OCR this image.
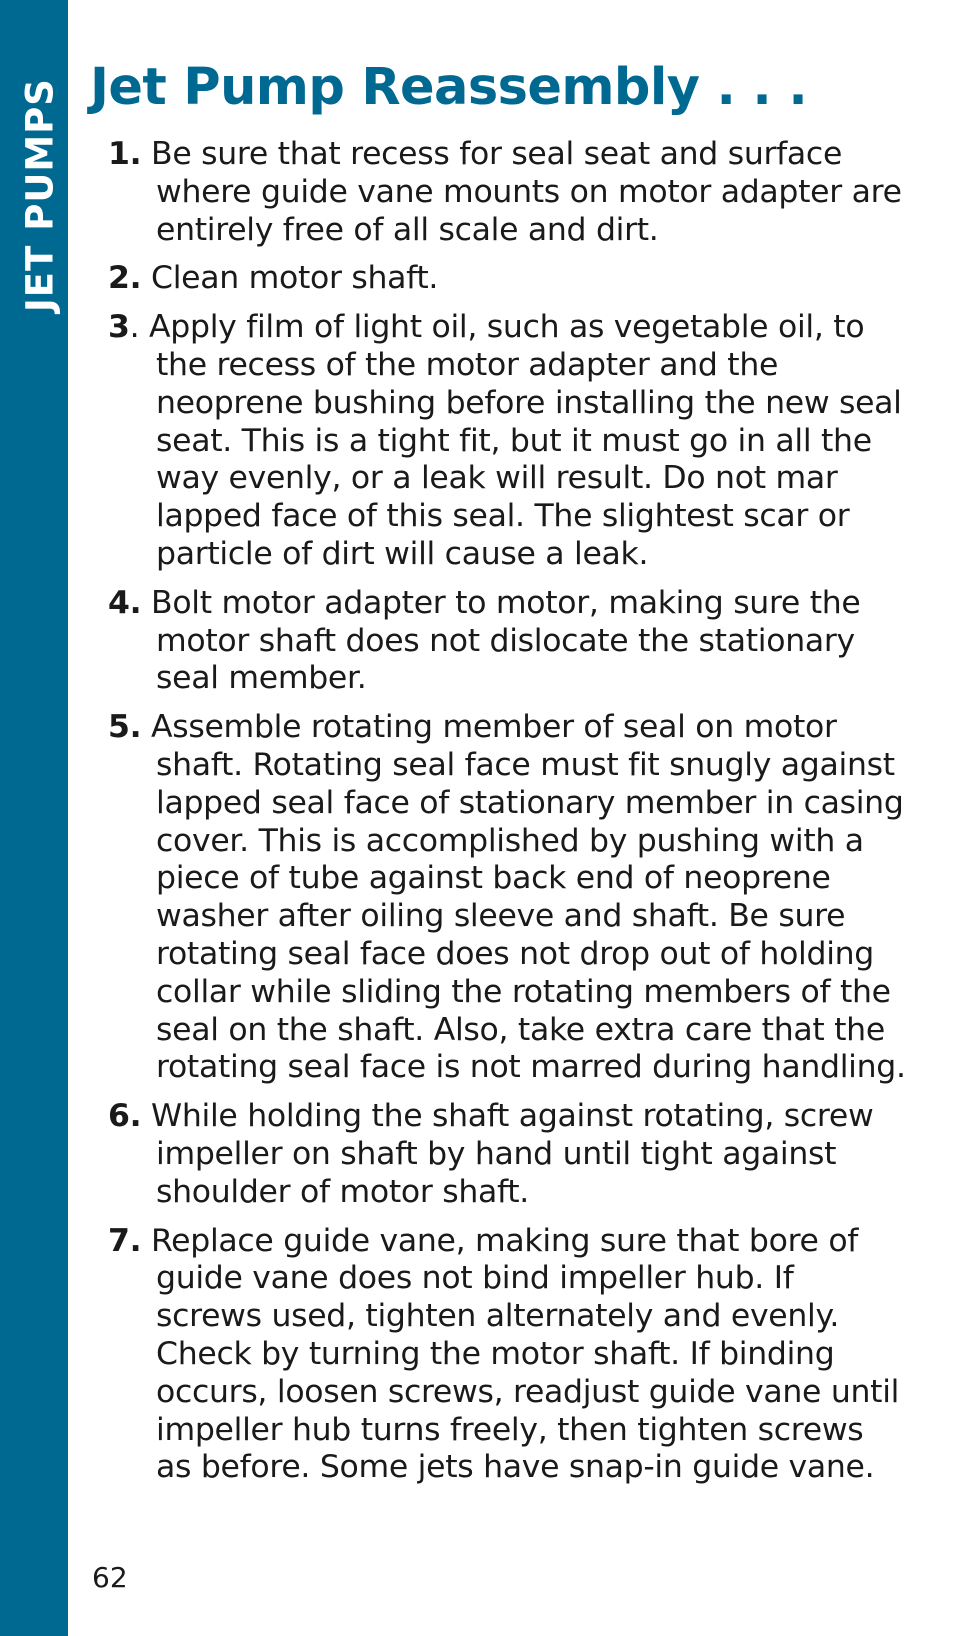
JET PUMPS Jet Pump Reassembly . . .
1. Be sure that recess for seal seat and surface where guide vane mounts on motor adapter are entirely free of all scale and dirt.
2. Clean motor shaft.
3. Apply film of light oil, such as vegetable oil, to the recess of the motor adapter and the neoprene bushing before installing the new seal seat. This is a tight fit, but it must go in all the way evenly, or a leak will result. Do not mar lapped face of this seal. The slightest scar or particle of dirt will cause a leak.
4. Bolt motor adapter to motor, making sure the motor shaft does not dislocate the stationary seal member.
5. Assemble rotating member of seal on motor shaft. Rotating seal face must fit snugly against lapped seal face of stationary member in casing cover. This is accomplished by pushing with a piece of tube against back end of neoprene washer after oiling sleeve and shaft. Be sure rotating seal face does not drop out of holding collar while sliding the rotating members of the seal on the shaft. Also, take extra care that the rotating seal face is not marred during handling.
6. While holding the shaft against rotating, screw impeller on shaft by hand until tight against shoulder of motor shaft.
7. Replace guide vane, making sure that bore of guide vane does not bind impeller hub. If screws used, tighten alternately and evenly. Check by turning the motor shaft. If binding occurs, loosen screws, readjust guide vane until impeller hub turns freely, then tighten screws as before. Some jets have snap-in guide vane.
62
